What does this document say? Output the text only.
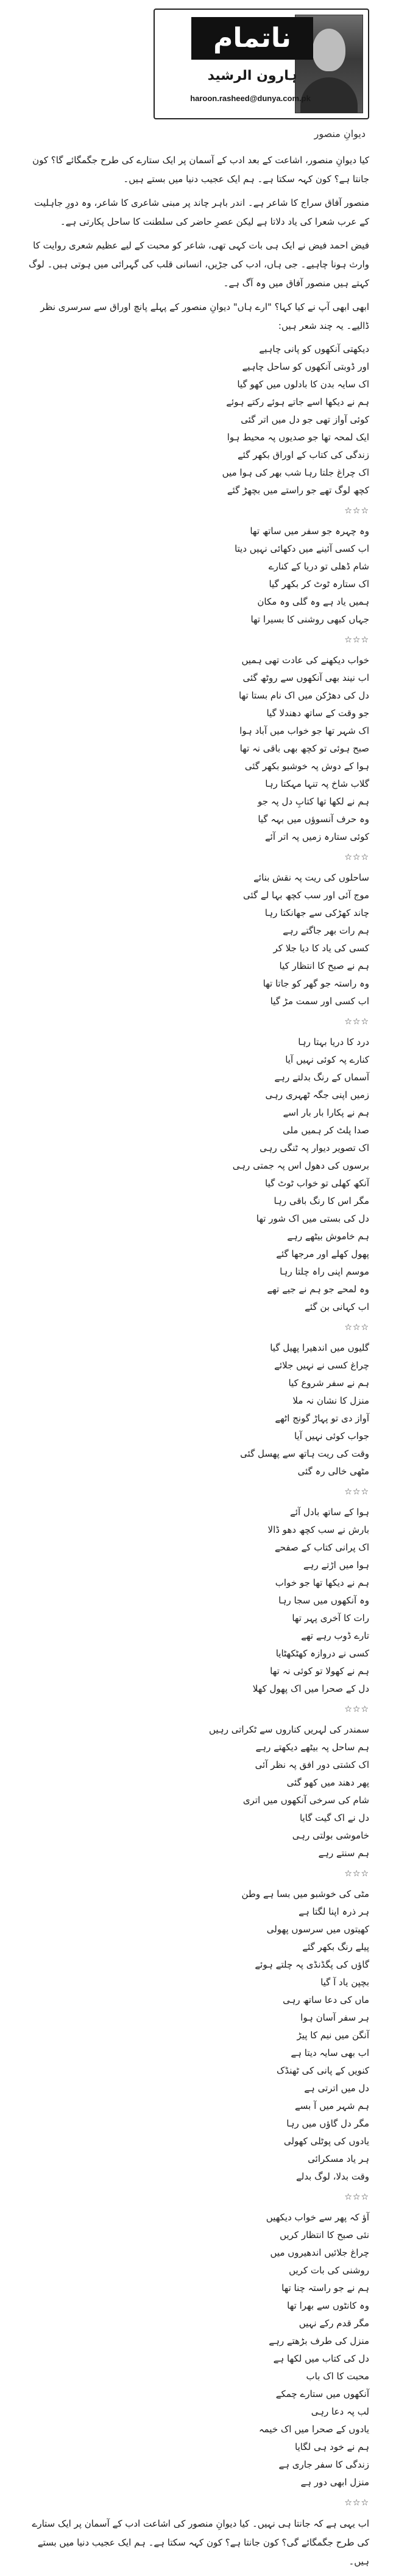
ناتمام
ہارون الرشید
haroon.rasheed@dunya.com.pk
دیوانِ منصور

کیا دیوانِ منصور، اشاعت کے بعد ادب کے آسمان پر ایک ستارے کی طرح جگمگائے گا؟ کون جانتا ہے؟ کون کہہ سکتا ہے۔ ہم ایک عجیب دنیا میں بستے ہیں۔

منصور آفاق سراج کا شاعر ہے۔ اندر باہر چاند پر مبنی شاعری کا شاعر، وہ دورِ جاہلیت کے عرب شعرا کی یاد دلاتا ہے لیکن عصرِ حاضر کی سلطنت کا ساحل پکارتی ہے۔

فیض احمد فیض نے ایک ہی بات کہی تھی، شاعر کو محبت کے لیے عظیم شعری روایت کا وارث ہونا چاہیے۔ جی ہاں، ادب کی جڑیں، انسانی قلب کی گہرائی میں ہوتی ہیں۔ لوگ کہتے ہیں منصور آفاق میں وہ آگ ہے۔

ابھی ابھی آپ نے کیا کہا؟ "ارے ہاں" دیوانِ منصور کے پہلے پانچ اوراق سے سرسری نظر ڈالیے۔ یہ چند شعر ہیں:

دیکھتی آنکھوں کو پانی چاہیے
اور ڈوبتی آنکھوں کو ساحل چاہیے
اک سایہ بدن کا بادلوں میں کھو گیا
ہم نے دیکھا اسے جاتے ہوئے رکتے ہوئے
کوئی آواز تھی جو دل میں اتر گئی
ایک لمحہ تھا جو صدیوں پہ محیط ہوا
زندگی کی کتاب کے اوراق بکھر گئے
اک چراغ جلتا رہا شب بھر کی ہوا میں
کچھ لوگ تھے جو راستے میں بچھڑ گئے
☆☆☆
وہ چہرہ جو سفر میں ساتھ تھا
اب کسی آئینے میں دکھائی نہیں دیتا
شام ڈھلی تو دریا کے کنارے
اک ستارہ ٹوٹ کر بکھر گیا
ہمیں یاد ہے وہ گلی وہ مکان
جہاں کبھی روشنی کا بسیرا تھا
☆☆☆
خواب دیکھنے کی عادت تھی ہمیں
اب نیند بھی آنکھوں سے روٹھ گئی
دل کی دھڑکن میں اک نام بستا تھا
جو وقت کے ساتھ دھندلا گیا
اک شہر تھا جو خواب میں آباد ہوا
صبح ہوئی تو کچھ بھی باقی نہ تھا
ہوا کے دوش پہ خوشبو بکھر گئی
گلاب شاخ پہ تنہا مہکتا رہا
ہم نے لکھا تھا کتابِ دل پہ جو
وہ حرف آنسوؤں میں بہہ گیا
کوئی ستارہ زمیں پہ اتر آئے
☆☆☆
ساحلوں کی ریت پہ نقش بنائے
موج آئی اور سب کچھ بہا لے گئی
چاند کھڑکی سے جھانکتا رہا
ہم رات بھر جاگتے رہے
کسی کی یاد کا دیا جلا کر
ہم نے صبح کا انتظار کیا
وہ راستہ جو گھر کو جاتا تھا
اب کسی اور سمت مڑ گیا
☆☆☆
درد کا دریا بہتا رہا
کنارے پہ کوئی نہیں آیا
آسماں کے رنگ بدلتے رہے
زمیں اپنی جگہ ٹھہری رہی
ہم نے پکارا بار بار اسے
صدا پلٹ کر ہمیں ملی
اک تصویر دیوار پہ ٹنگی رہی
برسوں کی دھول اس پہ جمتی رہی
آنکھ کھلی تو خواب ٹوٹ گیا
مگر اس کا رنگ باقی رہا
دل کی بستی میں اک شور تھا
ہم خاموش بیٹھے رہے
پھول کھلے اور مرجھا گئے
موسم اپنی راہ چلتا رہا
وہ لمحے جو ہم نے جیے تھے
اب کہانی بن گئے
☆☆☆
گلیوں میں اندھیرا پھیل گیا
چراغ کسی نے نہیں جلائے
ہم نے سفر شروع کیا
منزل کا نشان نہ ملا
آواز دی تو پہاڑ گونج اٹھے
جواب کوئی نہیں آیا
وقت کی ریت ہاتھ سے پھسل گئی
مٹھی خالی رہ گئی
☆☆☆
ہوا کے ساتھ بادل آئے
بارش نے سب کچھ دھو ڈالا
اک پرانی کتاب کے صفحے
ہوا میں اڑتے رہے
ہم نے دیکھا تھا جو خواب
وہ آنکھوں میں سجا رہا
رات کا آخری پہر تھا
تارے ڈوب رہے تھے
کسی نے دروازہ کھٹکھٹایا
ہم نے کھولا تو کوئی نہ تھا
دل کے صحرا میں اک پھول کھلا
☆☆☆
سمندر کی لہریں کناروں سے ٹکراتی رہیں
ہم ساحل پہ بیٹھے دیکھتے رہے
اک کشتی دور افق پہ نظر آئی
پھر دھند میں کھو گئی
شام کی سرخی آنکھوں میں اتری
دل نے اک گیت گایا
خاموشی بولتی رہی
ہم سنتے رہے
☆☆☆
مٹی کی خوشبو میں بسا ہے وطن
ہر ذرہ اپنا لگتا ہے
کھیتوں میں سرسوں پھولی
پیلے رنگ بکھر گئے
گاؤں کی پگڈنڈی پہ چلتے ہوئے
بچپن یاد آ گیا
ماں کی دعا ساتھ رہی
ہر سفر آسان ہوا
آنگن میں نیم کا پیڑ
اب بھی سایہ دیتا ہے
کنویں کے پانی کی ٹھنڈک
دل میں اترتی ہے
ہم شہر میں آ بسے
مگر دل گاؤں میں رہا
یادوں کی پوٹلی کھولی
ہر یاد مسکرائی
وقت بدلا، لوگ بدلے
☆☆☆
آؤ کہ پھر سے خواب دیکھیں
نئی صبح کا انتظار کریں
چراغ جلائیں اندھیروں میں
روشنی کی بات کریں
ہم نے جو راستہ چنا تھا
وہ کانٹوں سے بھرا تھا
مگر قدم رکے نہیں
منزل کی طرف بڑھتے رہے
دل کی کتاب میں لکھا ہے
محبت کا اک باب
آنکھوں میں ستارے چمکے
لب پہ دعا رہی
یادوں کے صحرا میں اک خیمہ
ہم نے خود ہی لگایا
زندگی کا سفر جاری ہے
منزل ابھی دور ہے
☆☆☆

اب یہی ہے کہ جانتا ہی نہیں۔ کیا دیوانِ منصور کی اشاعت ادب کے آسمان پر ایک ستارے کی طرح جگمگائے گی؟ کون جانتا ہے؟ کون کہہ سکتا ہے۔ ہم ایک عجیب دنیا میں بستے ہیں۔
